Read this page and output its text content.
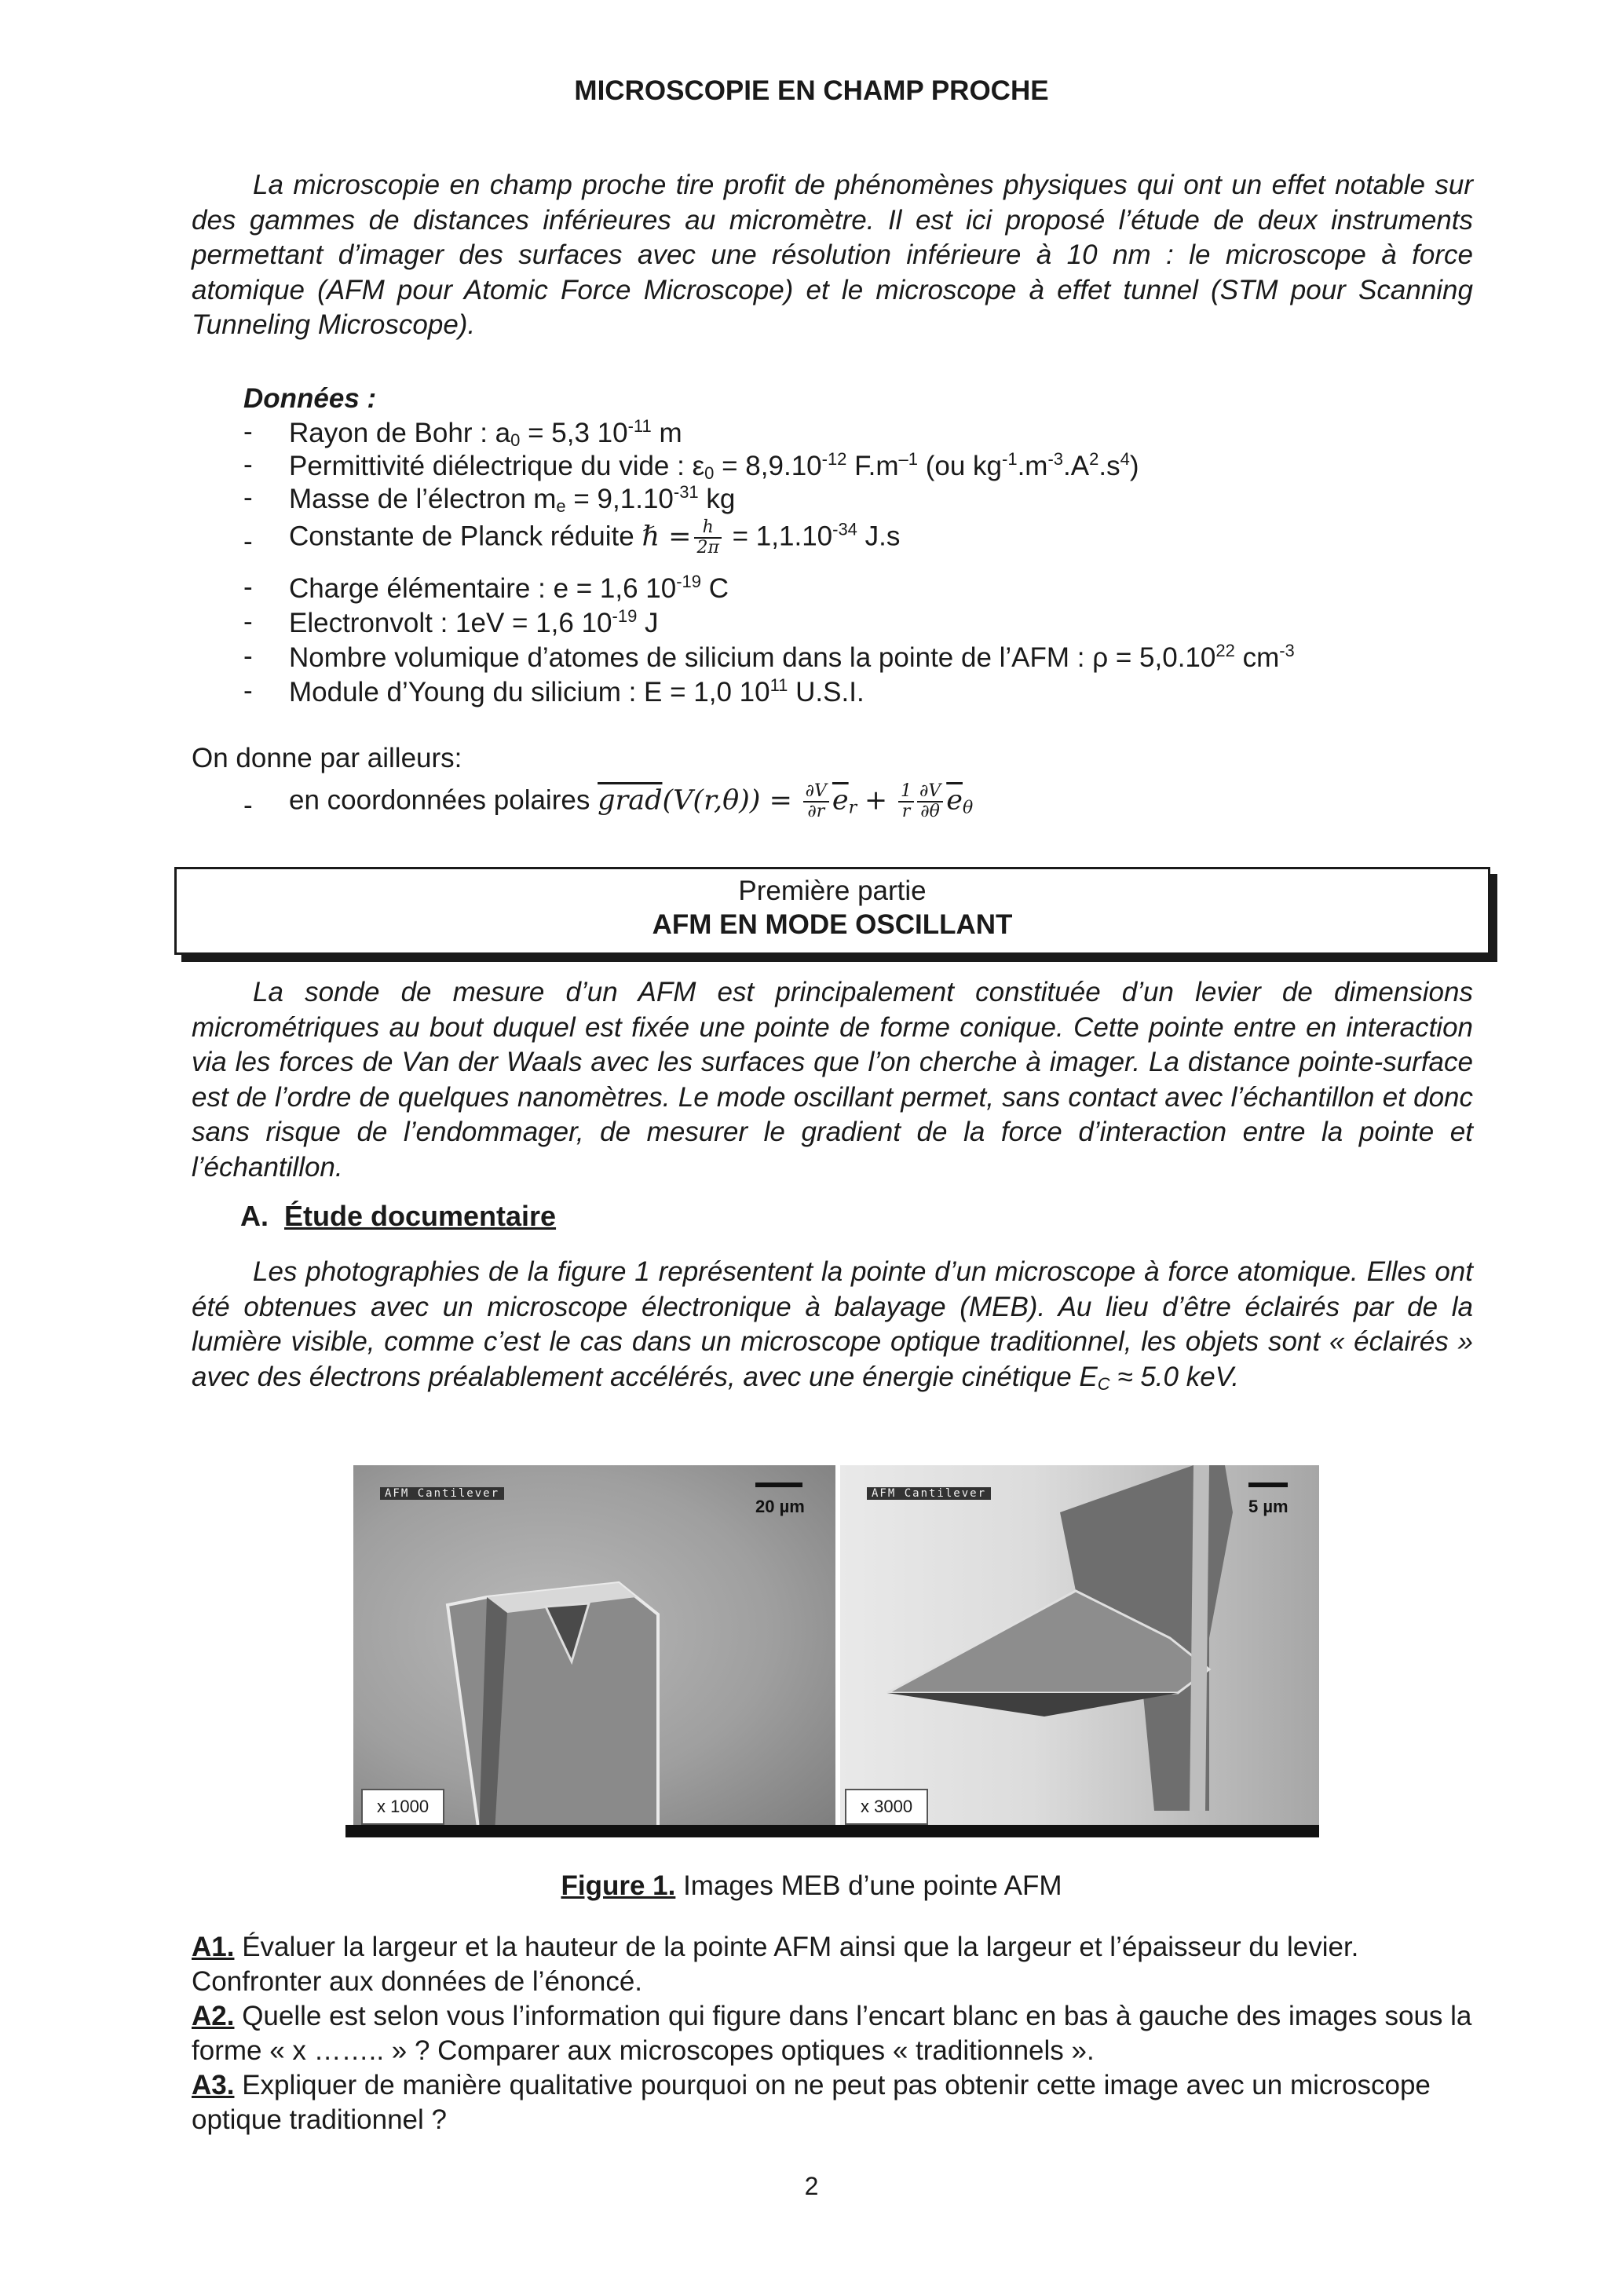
MICROSCOPIE EN CHAMP PROCHE

La microscopie en champ proche tire profit de phénomènes physiques qui ont un effet notable sur des gammes de distances inférieures au micromètre. Il est ici proposé l’étude de deux instruments permettant d’imager des surfaces avec une résolution inférieure à 10 nm : le microscope à force atomique (AFM pour Atomic Force Microscope) et le microscope à effet tunnel (STM pour Scanning Tunneling Microscope).

Données :
- Rayon de Bohr : $a_0 = 5,3$ $10^{-11}$ m
- Permittivité diélectrique du vide : $\varepsilon_0 = 8,9.10^{-12}$ $F.m^{-1}$ (ou $kg^{-1}.m^{-3}.A^2.s^4$)
- Masse de l’électron $m_e = 9,1.10^{-31}$ kg
- Constante de Planck réduite ℏ = $\frac{h}{2\pi} = 1,1.10^{-34}$ J.s
- Charge élémentaire : e = 1,6 $10^{-19}$ C
- Electronvolt : 1eV = 1,6 $10^{-19}$ J
- Nombre volumique d’atomes de silicium dans la pointe de l’AFM : $\rho = 5,0.10^{22}$ $cm^{-3}$
- Module d’Young du silicium : E = 1,0 $10^{11}$ U.S.I.
On donne par ailleurs:
- en coordonnées polaires grad(V(r,θ)) = $\frac{\partial V}{\partial r} \overline{e}_r + \frac{1}{r} \frac{\partial V}{\partial\theta} \overline{e}_\theta$
Première partie
AFM EN MODE OSCILLANT

La sonde de mesure d’un AFM est principalement constituée d’un levier de dimensions micrométriques au bout duquel est fixée une pointe de forme conique. Cette pointe entre en interaction via les forces de Van der Waals avec les surfaces que l’on cherche à imager. La distance pointe-surface est de l’ordre de quelques nanomètres. Le mode oscillant permet, sans contact avec l’échantillon et donc sans risque de l’endommager, de mesurer le gradient de la force d’interaction entre la pointe et l’échantillon.

A. Étude documentaire

Les photographies de la figure 1 représentent la pointe d’un microscope à force atomique. Elles ont été obtenues avec un microscope électronique à balayage (MEB). Au lieu d’être éclairés par de la lumière visible, comme c’est le cas dans un microscope optique traditionnel, les objets sont « éclairés » avec des électrons préalablement accélérés, avec une énergie cinétique $E_C \approx 5.0$ keV.

AFM Cantilever
20 µm
x 1000
AFM Cantilever
5 µm
x 3000
Figure 1. Images MEB d’une pointe AFM
A1. Évaluer la largeur et la hauteur de la pointe AFM ainsi que la largeur et l’épaisseur du levier. Confronter aux données de l’énoncé.
A2. Quelle est selon vous l’information qui figure dans l’encart blanc en bas à gauche des images sous la forme « x …….. » ? Comparer aux microscopes optiques « traditionnels ».
A3. Expliquer de manière qualitative pourquoi on ne peut pas obtenir cette image avec un microscope optique traditionnel ?
2
